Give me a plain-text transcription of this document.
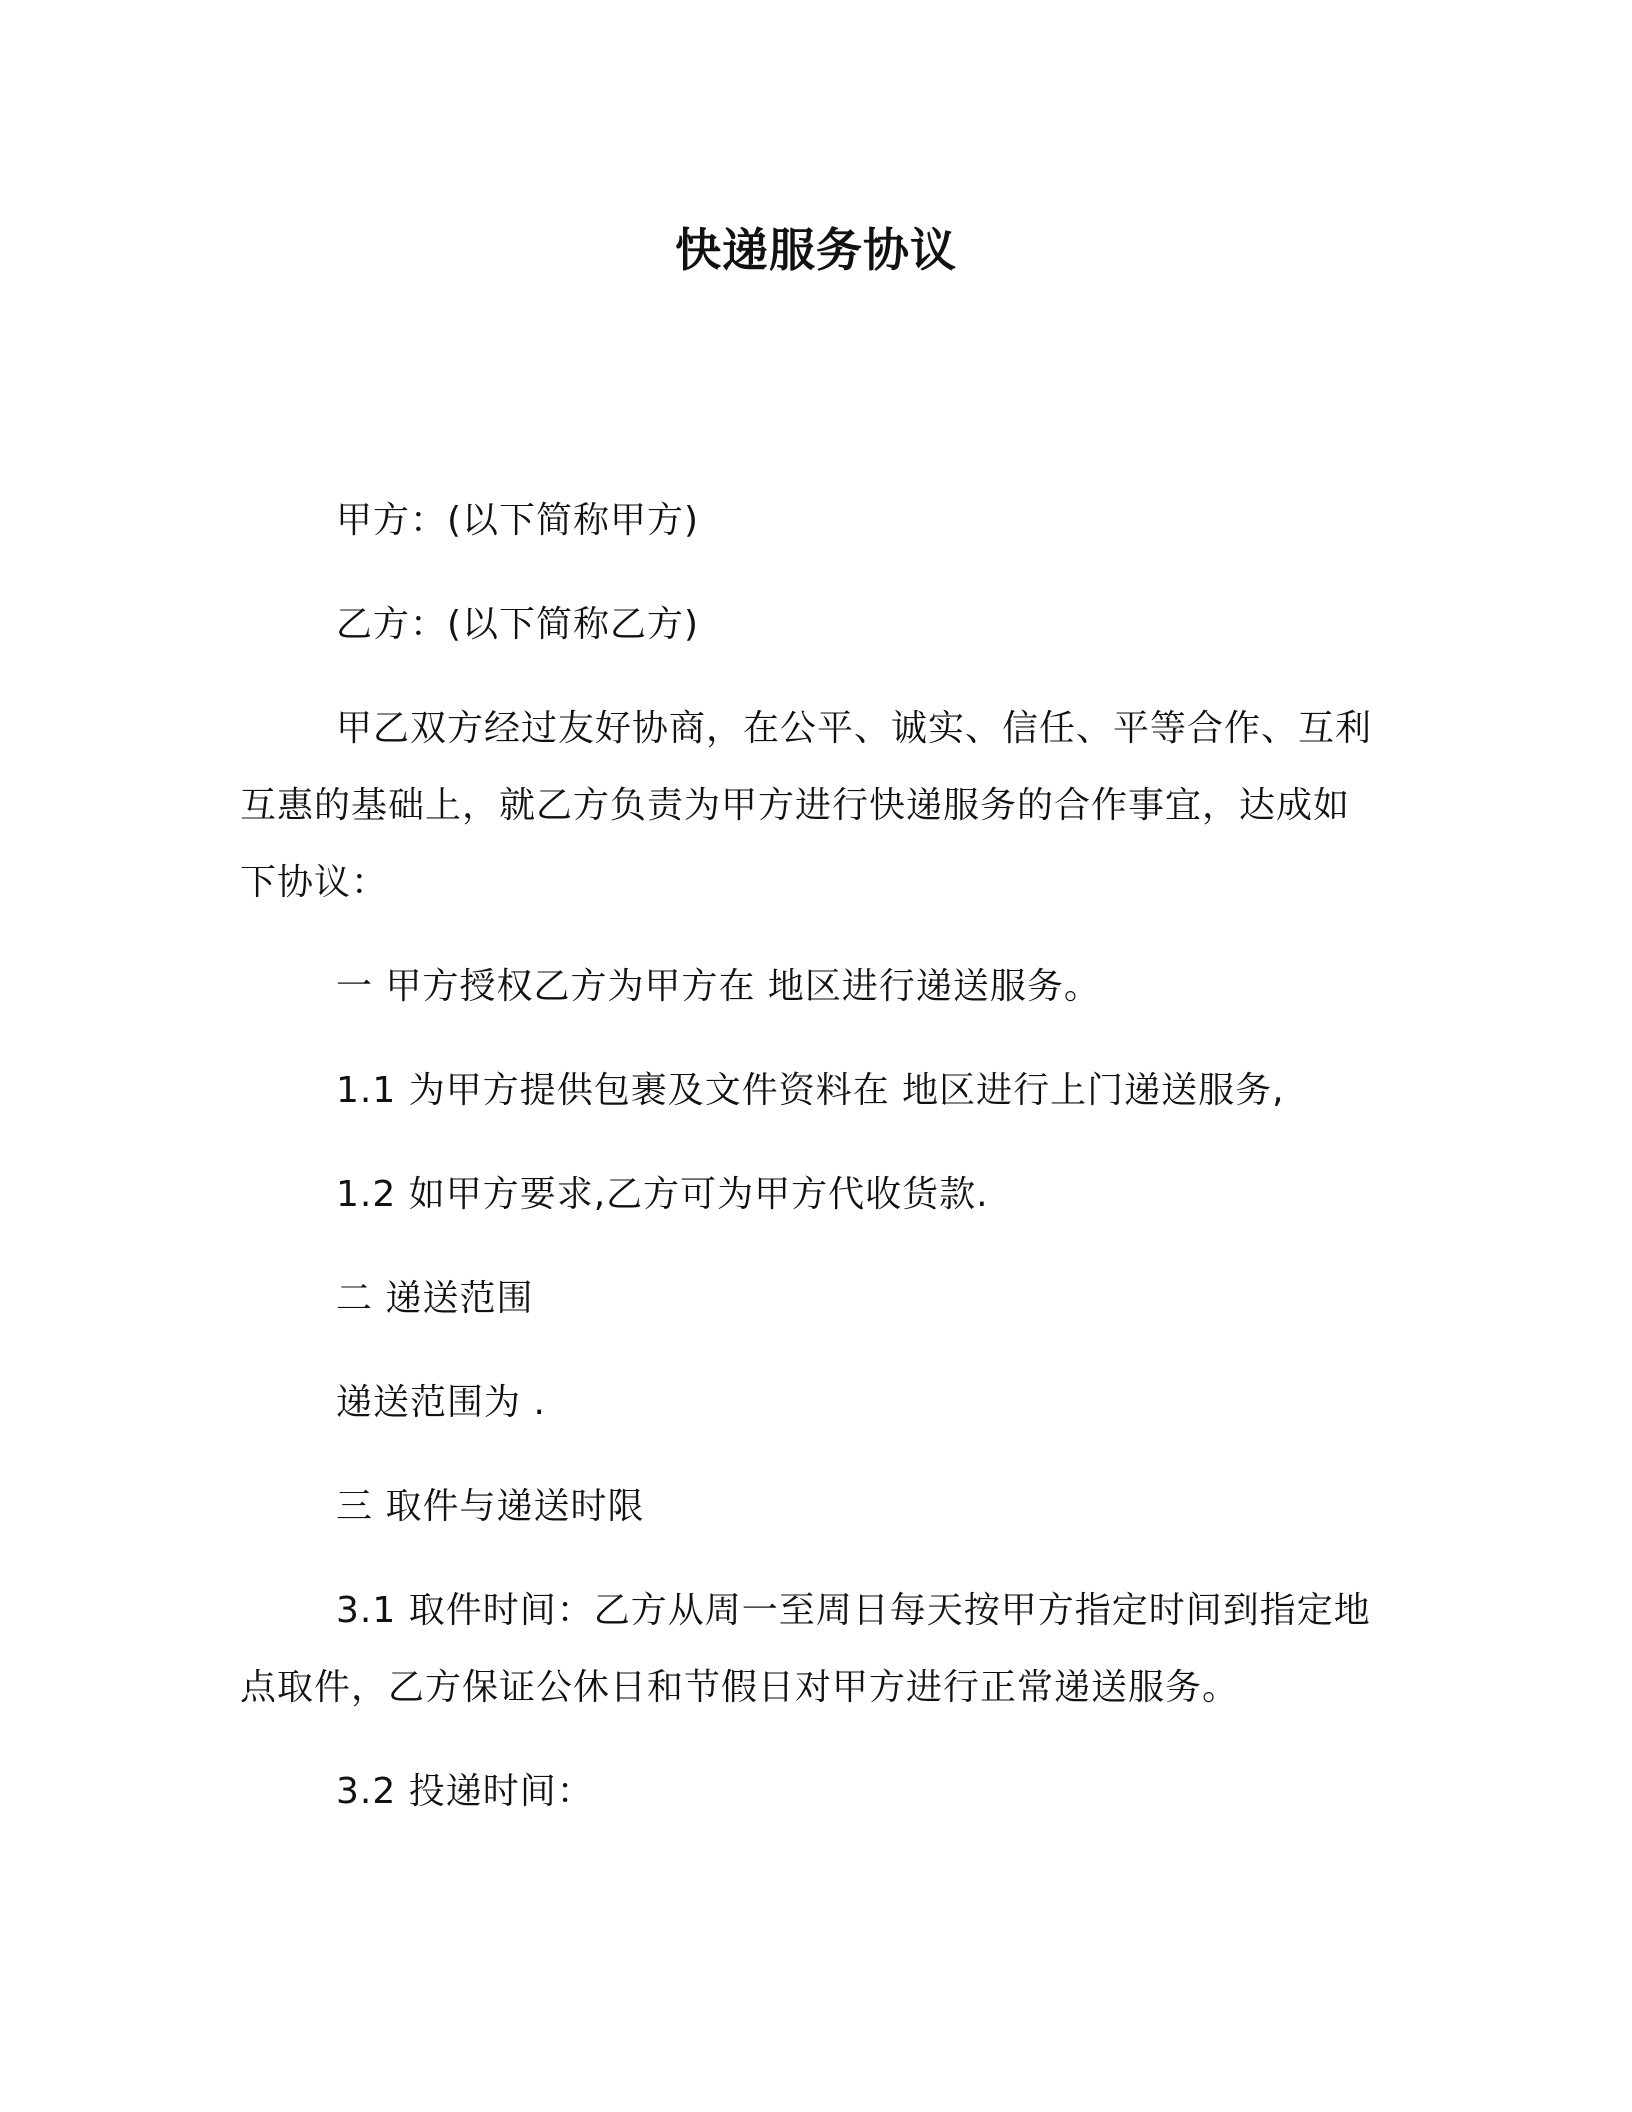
快递服务协议

甲方：(以下简称甲方)

乙方：(以下简称乙方)

甲乙双方经过友好协商，在公平、诚实、信任、平等合作、互利互惠的基础上，就乙方负责为甲方进行快递服务的合作事宜，达成如下协议：

一 甲方授权乙方为甲方在 地区进行递送服务。

1.1 为甲方提供包裹及文件资料在 地区进行上门递送服务,

1.2 如甲方要求,乙方可为甲方代收货款.

二 递送范围

递送范围为 .

三 取件与递送时限

3.1 取件时间：乙方从周一至周日每天按甲方指定时间到指定地点取件，乙方保证公休日和节假日对甲方进行正常递送服务。

3.2 投递时间：
